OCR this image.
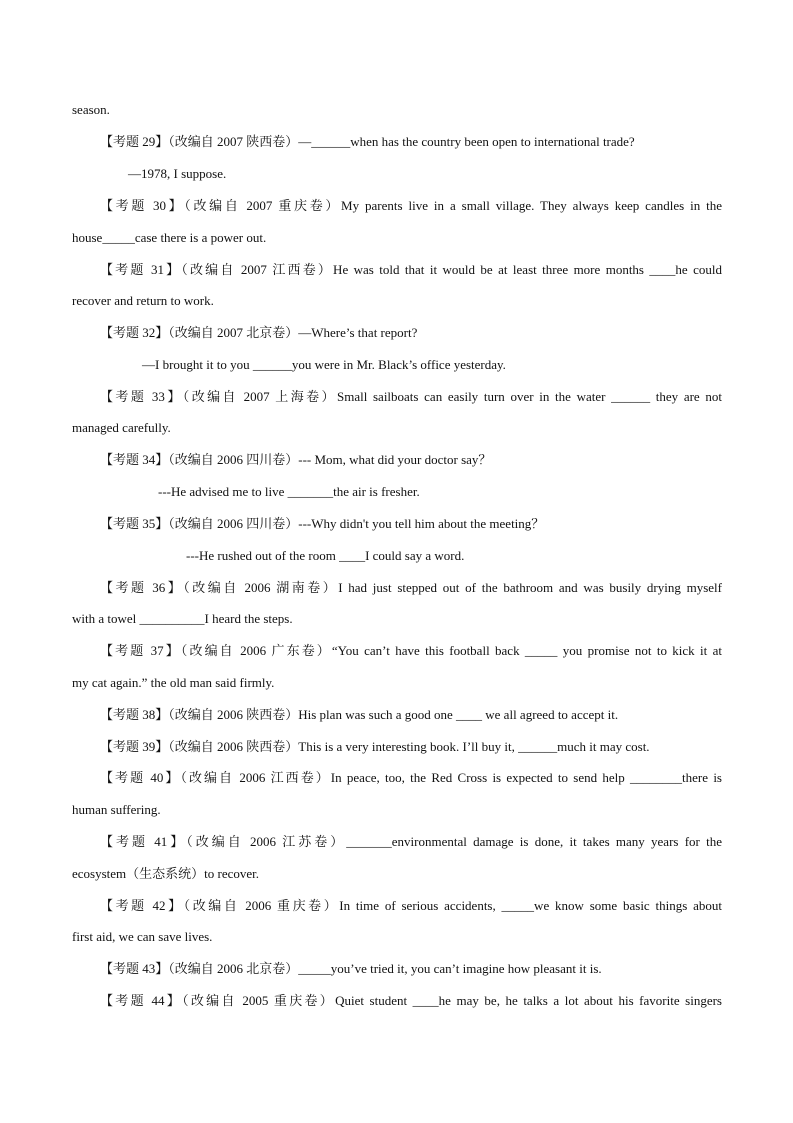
season.
【考题 29】（改编自 2007 陕西卷）—______when has the country been open to international trade?
—1978, I suppose.
【考题 30】（改编自 2007 重庆卷）My parents live in a small village. They always keep candles in the
house_____case there is a power out.
【考题 31】（改编自 2007 江西卷）He was told that it would be at least three more months ____he could
recover and return to work.
【考题 32】（改编自 2007 北京卷）—Where’s that report?
—I brought it to you ______you were in Mr. Black’s office yesterday.
【考题 33】（改编自 2007 上海卷）Small sailboats can easily turn over in the water ______ they are not
managed carefully.
【考题 34】（改编自 2006 四川卷）--- Mom, what did your doctor say？
---He advised me to live _______the air is fresher.
【考题 35】（改编自 2006 四川卷）---Why didn't you tell him about the meeting？
---He rushed out of the room ____I could say a word.
【考题 36】（改编自 2006 湖南卷）I had just stepped out of the bathroom and was busily drying myself
with a towel __________I heard the steps.
【考题 37】（改编自 2006 广东卷）“You can’t have this football back _____ you promise not to kick it at
my cat again.” the old man said firmly.
【考题 38】（改编自 2006 陕西卷）His plan was such a good one ____ we all agreed to accept it.
【考题 39】（改编自 2006 陕西卷）This is a very interesting book. I’ll buy it, ______much it may cost.
【考题 40】（改编自 2006 江西卷）In peace, too, the Red Cross is expected to send help ________there is
human suffering.
【考题 41】（改编自 2006 江苏卷）_______environmental damage is done, it takes many years for the
ecosystem（生态系统）to recover.
【考题 42】（改编自 2006 重庆卷）In time of serious accidents, _____we know some basic things about
first aid, we can save lives.
【考题 43】（改编自 2006 北京卷）_____you’ve tried it, you can’t imagine how pleasant it is.
【考题 44】（改编自 2005 重庆卷）Quiet student ____he may be, he talks a lot about his favorite singers
